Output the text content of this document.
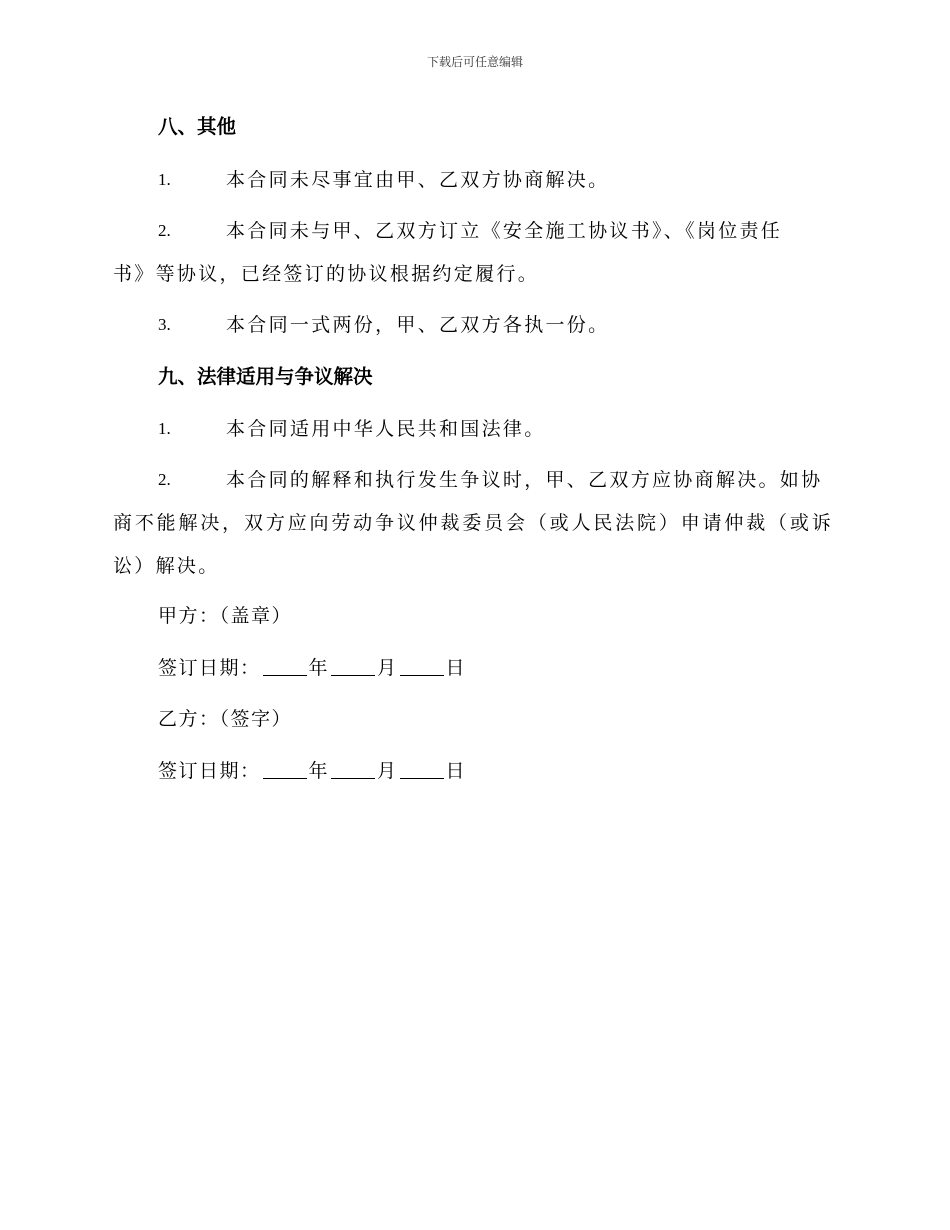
下载后可任意编辑
八、其他
1.	本合同未尽事宜由甲、乙双方协商解决。
2.	本合同未与甲、乙双方订立《安全施工协议书》、《岗位责任
书》等协议，已经签订的协议根据约定履行。
3.	本合同一式两份，甲、乙双方各执一份。
九、法律适用与争议解决
1.	本合同适用中华人民共和国法律。
2.	本合同的解释和执行发生争议时，甲、乙双方应协商解决。如协
商不能解决，双方应向劳动争议仲裁委员会（或人民法院）申请仲裁（或诉
讼）解决。
甲方：（盖章）
签订日期：	年	月	日
乙方：（签字）
签订日期：	年	月	日
